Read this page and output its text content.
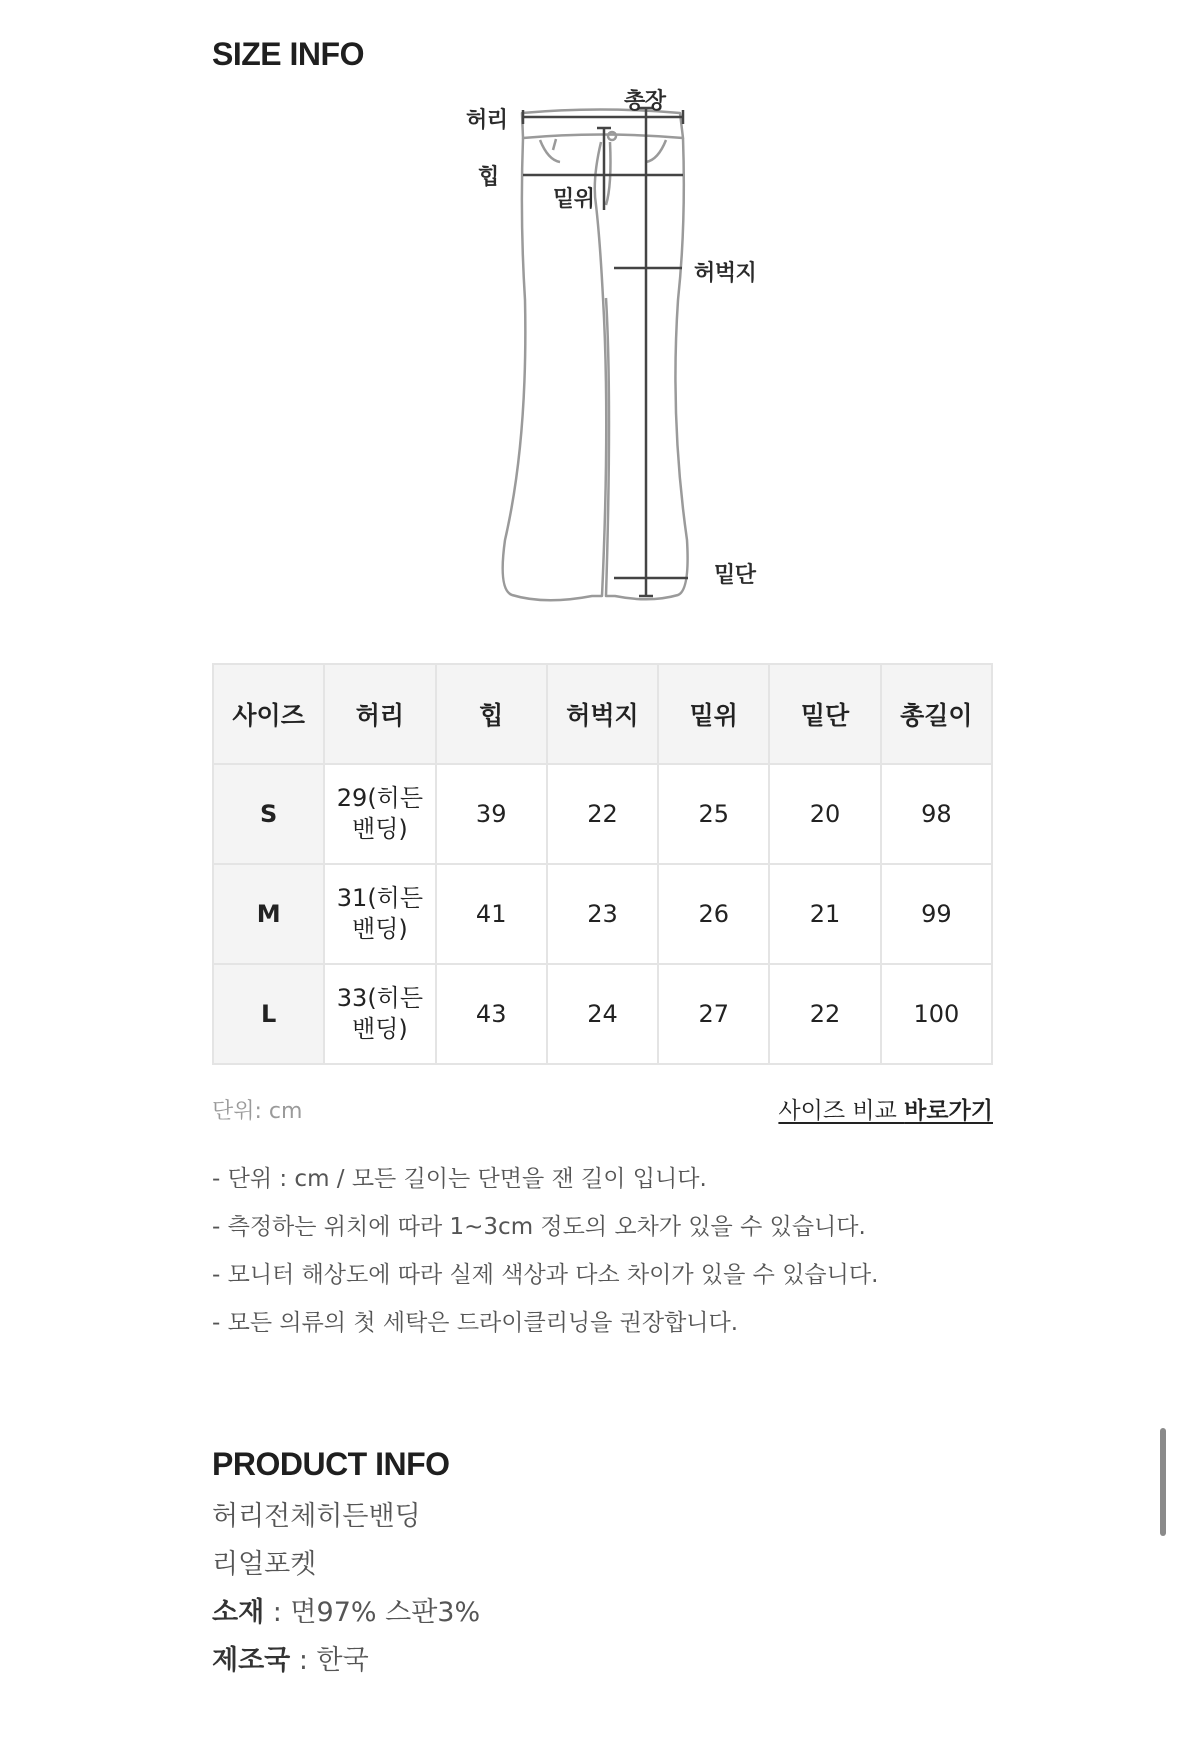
SIZE INFO
허리
총장
힙
밑위
허벅지
밑단
사이즈	허리	힙	허벅지	밑위	밑단	총길이
S	29(히든밴딩)	39	22	25	20	98
M	31(히든밴딩)	41	23	26	21	99
L	33(히든밴딩)	43	24	27	22	100
단위: cm	사이즈 비교 바로가기
- 단위 : cm / 모든 길이는 단면을 잰 길이 입니다.
- 측정하는 위치에 따라 1~3cm 정도의 오차가 있을 수 있습니다.
- 모니터 해상도에 따라 실제 색상과 다소 차이가 있을 수 있습니다.
- 모든 의류의 첫 세탁은 드라이클리닝을 권장합니다.
PRODUCT INFO
허리전체히든밴딩
리얼포켓
소재 : 면97% 스판3%
제조국 : 한국
